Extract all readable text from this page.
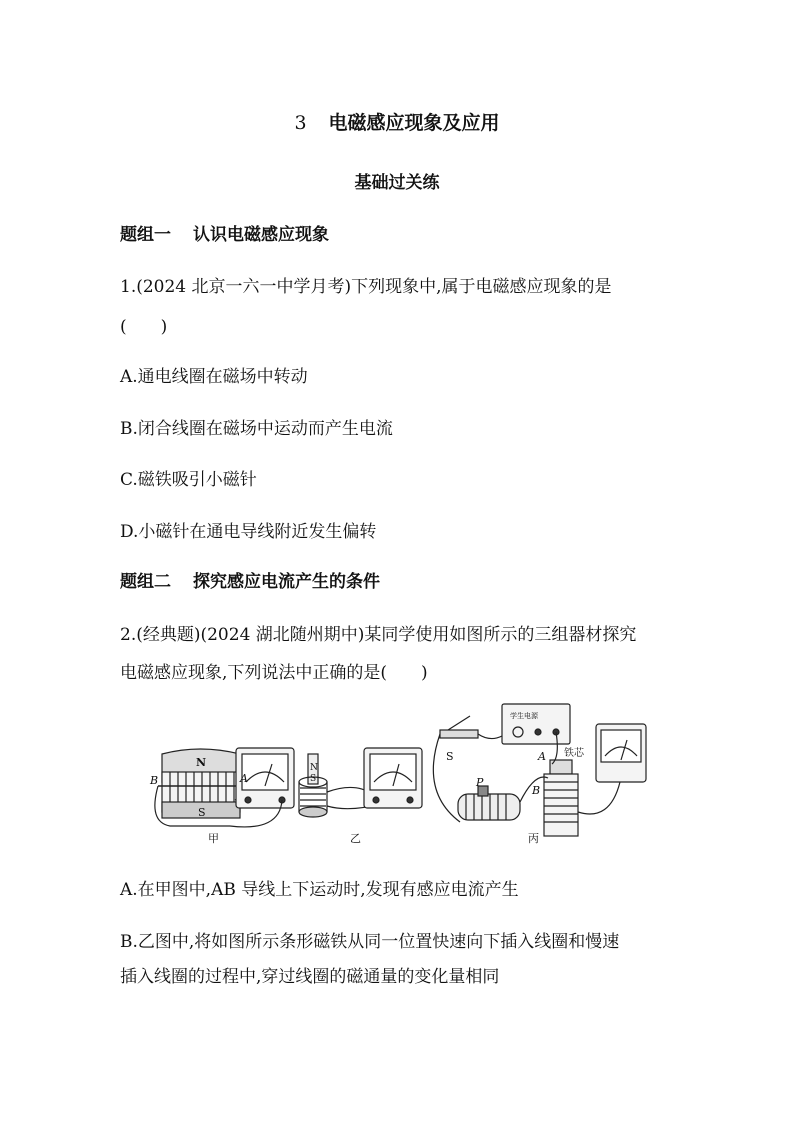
3 电磁感应现象及应用
基础过关练
题组一 认识电磁感应现象
1.(2024 北京一六一中学月考)下列现象中,属于电磁感应现象的是
(　　)
A.通电线圈在磁场中转动
B.闭合线圈在磁场中运动而产生电流
C.磁铁吸引小磁针
D.小磁针在通电导线附近发生偏转
题组二 探究感应电流产生的条件
2.(经典题)(2024 湖北随州期中)某同学使用如图所示的三组器材探究
电磁感应现象,下列说法中正确的是(　　)
N
S
B	A
N
S
S
P
A
B
铁芯
学生电源
甲	乙	丙
A.在甲图中,AB 导线上下运动时,发现有感应电流产生
B.乙图中,将如图所示条形磁铁从同一位置快速向下插入线圈和慢速
插入线圈的过程中,穿过线圈的磁通量的变化量相同
